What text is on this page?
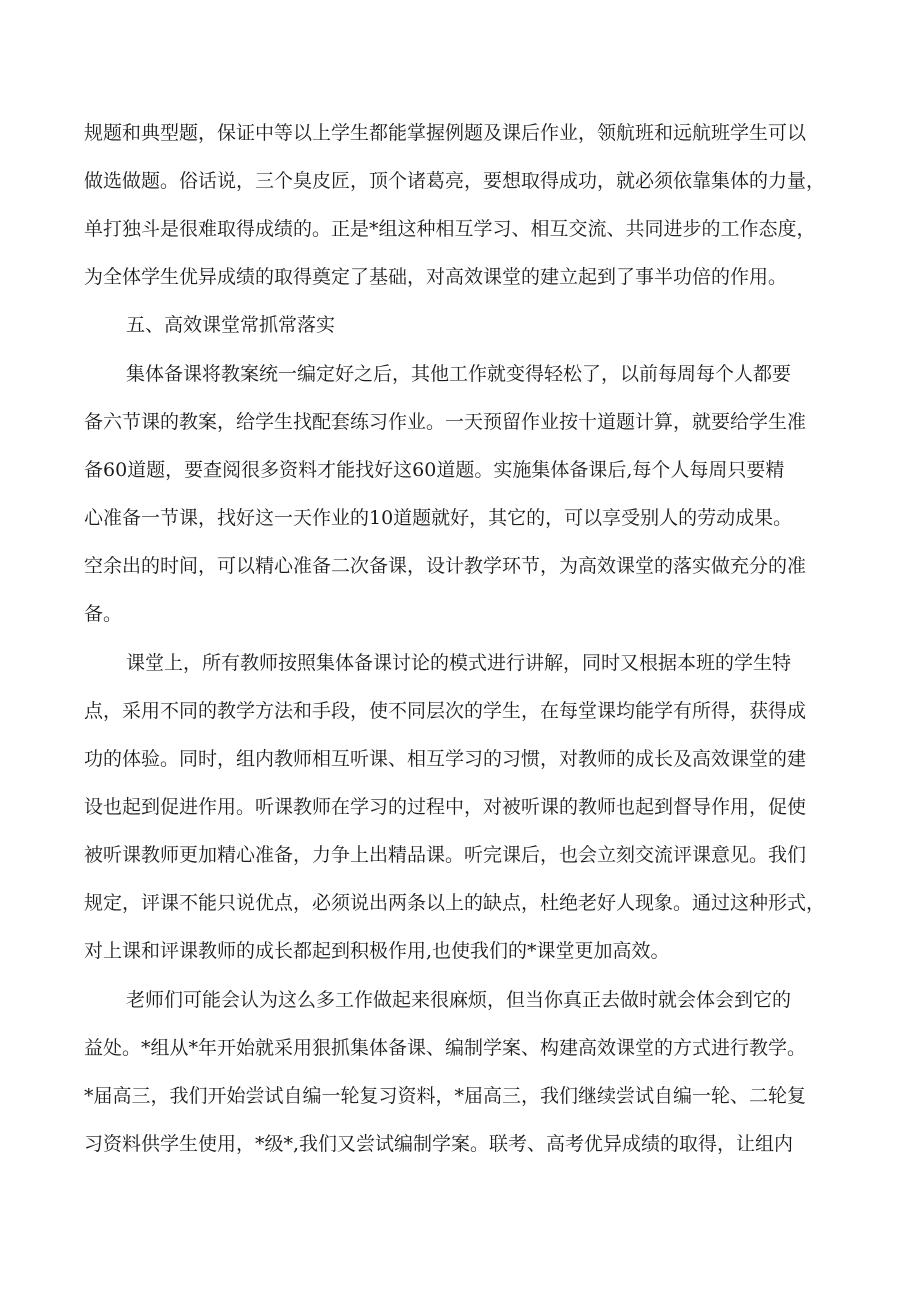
规题和典型题，保证中等以上学生都能掌握例题及课后作业，领航班和远航班学生可以
做选做题。俗话说，三个臭皮匠，顶个诸葛亮，要想取得成功，就必须依靠集体的力量，
单打独斗是很难取得成绩的。正是*组这种相互学习、相互交流、共同进步的工作态度，
为全体学生优异成绩的取得奠定了基础，对高效课堂的建立起到了事半功倍的作用。
五、高效课堂常抓常落实
集体备课将教案统一编定好之后，其他工作就变得轻松了，以前每周每个人都要
备六节课的教案，给学生找配套练习作业。一天预留作业按十道题计算，就要给学生准
备60道题，要查阅很多资料才能找好这60道题。实施集体备课后,每个人每周只要精
心准备一节课，找好这一天作业的10道题就好，其它的，可以享受别人的劳动成果。
空余出的时间，可以精心准备二次备课，设计教学环节，为高效课堂的落实做充分的准
备。
课堂上，所有教师按照集体备课讨论的模式进行讲解，同时又根据本班的学生特
点，采用不同的教学方法和手段，使不同层次的学生，在每堂课均能学有所得，获得成
功的体验。同时，组内教师相互听课、相互学习的习惯，对教师的成长及高效课堂的建
设也起到促进作用。听课教师在学习的过程中，对被听课的教师也起到督导作用，促使
被听课教师更加精心准备，力争上出精品课。听完课后，也会立刻交流评课意见。我们
规定，评课不能只说优点，必须说出两条以上的缺点，杜绝老好人现象。通过这种形式，
对上课和评课教师的成长都起到积极作用,也使我们的*课堂更加高效。
老师们可能会认为这么多工作做起来很麻烦，但当你真正去做时就会体会到它的
益处。*组从*年开始就采用狠抓集体备课、编制学案、构建高效课堂的方式进行教学。
*届高三，我们开始尝试自编一轮复习资料，*届高三，我们继续尝试自编一轮、二轮复
习资料供学生使用，*级*,我们又尝试编制学案。联考、高考优异成绩的取得，让组内
